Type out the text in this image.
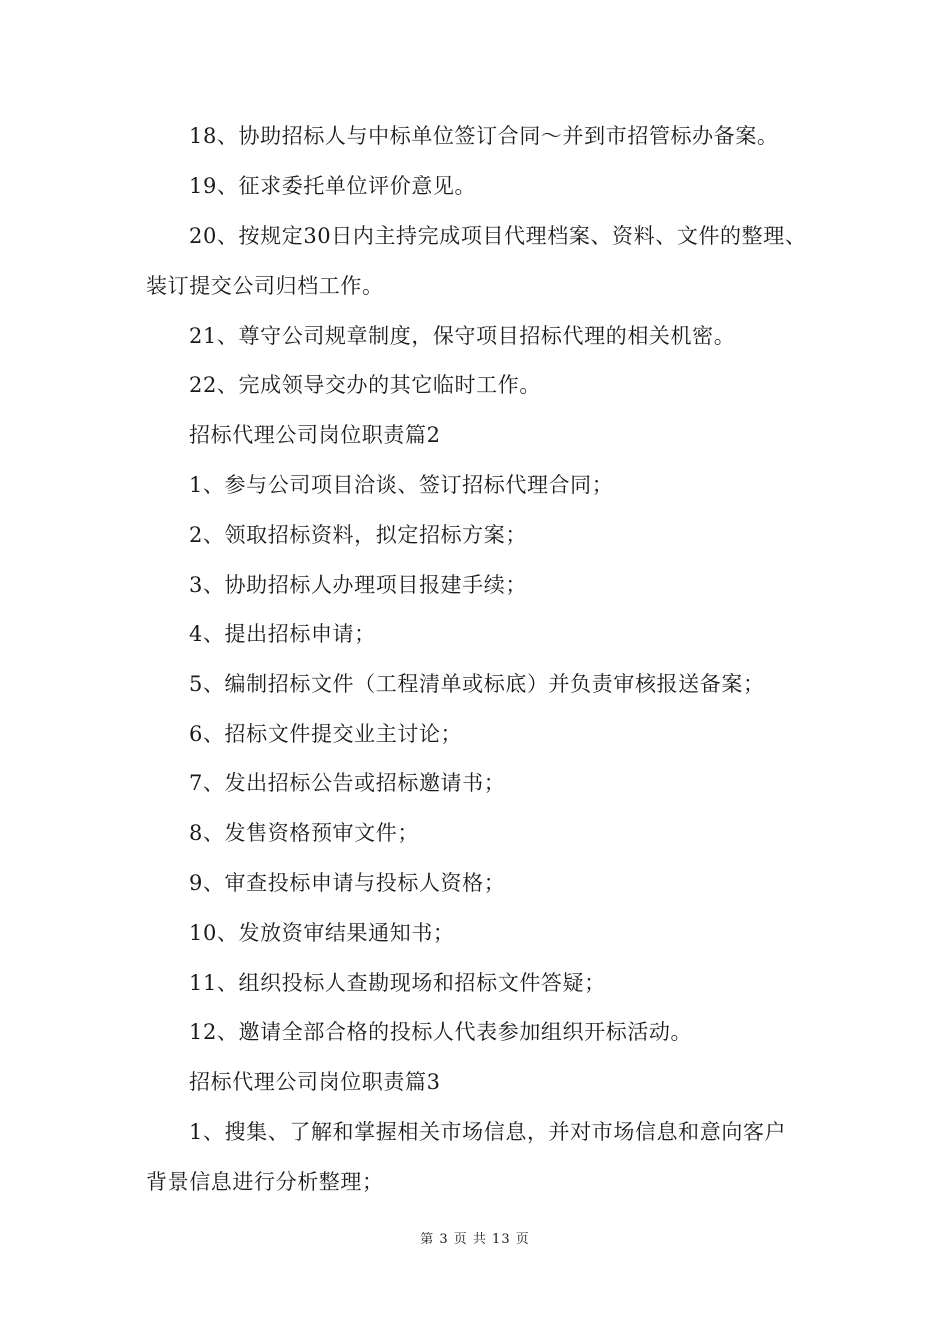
18、协助招标人与中标单位签订合同～并到市招管标办备案。
19、征求委托单位评价意见。
20、按规定30日内主持完成项目代理档案、资料、文件的整理、
装订提交公司归档工作。
21、尊守公司规章制度，保守项目招标代理的相关机密。
22、完成领导交办的其它临时工作。
招标代理公司岗位职责篇2
1、参与公司项目洽谈、签订招标代理合同；
2、领取招标资料，拟定招标方案；
3、协助招标人办理项目报建手续；
4、提出招标申请；
5、编制招标文件（工程清单或标底）并负责审核报送备案；
6、招标文件提交业主讨论；
7、发出招标公告或招标邀请书；
8、发售资格预审文件；
9、审查投标申请与投标人资格；
10、发放资审结果通知书；
11、组织投标人查勘现场和招标文件答疑；
12、邀请全部合格的投标人代表参加组织开标活动。
招标代理公司岗位职责篇3
1、搜集、了解和掌握相关市场信息，并对市场信息和意向客户
背景信息进行分析整理；
第 3 页 共 13 页
